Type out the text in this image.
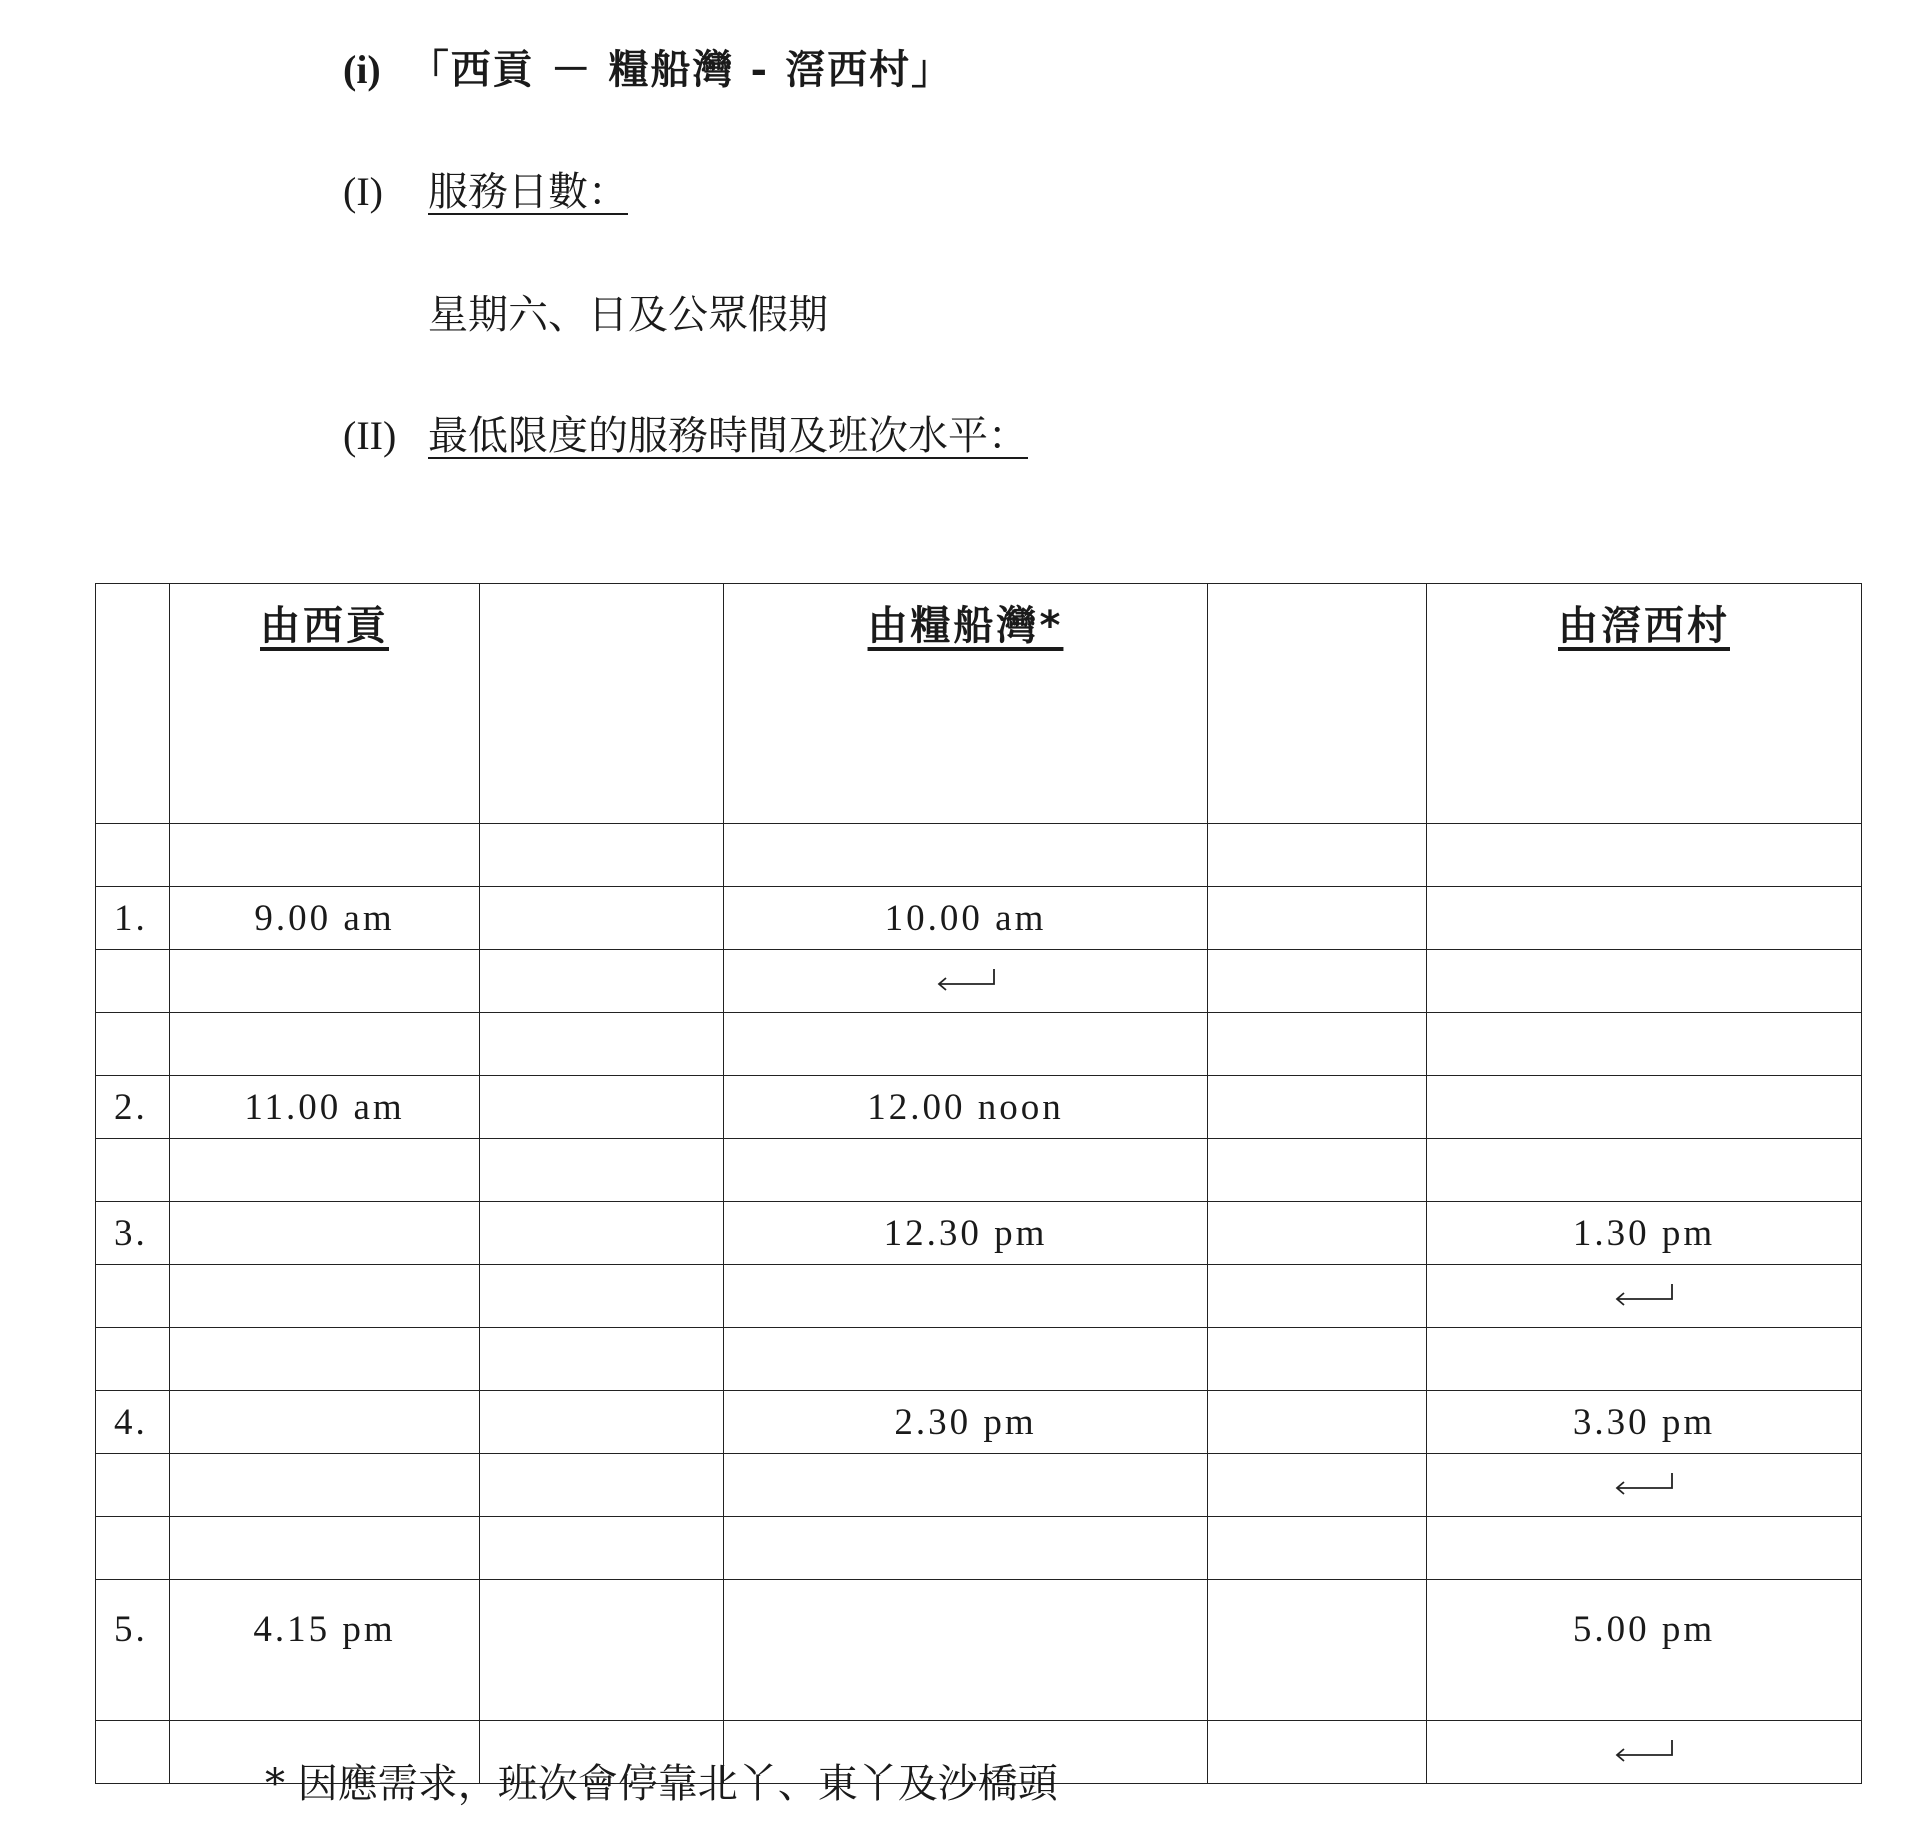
(i) 「西貢 － 糧船灣 - 滘西村」
(I) 服務日數：
星期六、日及公眾假期
(II) 最低限度的服務時間及班次水平：
	由西貢		由糧船灣*		由滘西村

1.	9.00 am		10.00 am		

2.	11.00 am		12.00 noon		

3.			12.30 pm		1.30 pm

4.			2.30 pm		3.30 pm

5.	4.15 pm				5.00 pm

* 因應需求，班次會停靠北丫、東丫及沙橋頭
